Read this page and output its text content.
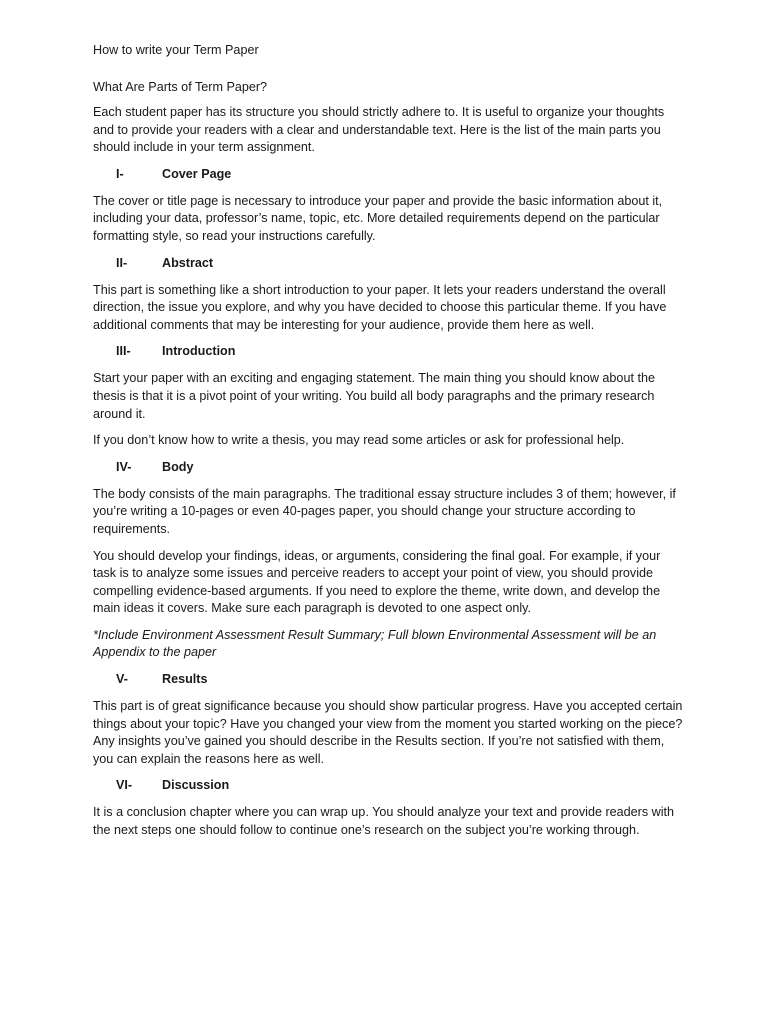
How to write your Term Paper
What Are Parts of Term Paper?

Each student paper has its structure you should strictly adhere to. It is useful to organize your thoughts and to provide your readers with a clear and understandable text. Here is the list of the main parts you should include in your term assignment.

I-	Cover Page

The cover or title page is necessary to introduce your paper and provide the basic information about it, including your data, professor’s name, topic, etc. More detailed requirements depend on the particular formatting style, so read your instructions carefully.

II-	Abstract

This part is something like a short introduction to your paper. It lets your readers understand the overall direction, the issue you explore, and why you have decided to choose this particular theme. If you have additional comments that may be interesting for your audience, provide them here as well.

III-	Introduction

Start your paper with an exciting and engaging statement. The main thing you should know about the thesis is that it is a pivot point of your writing. You build all body paragraphs and the primary research around it.

If you don’t know how to write a thesis, you may read some articles or ask for professional help.

IV-	Body

The body consists of the main paragraphs. The traditional essay structure includes 3 of them; however, if you’re writing a 10-pages or even 40-pages paper, you should change your structure according to requirements.

You should develop your findings, ideas, or arguments, considering the final goal. For example, if your task is to analyze some issues and perceive readers to accept your point of view, you should provide compelling evidence-based arguments. If you need to explore the theme, write down, and develop the main ideas it covers. Make sure each paragraph is devoted to one aspect only.

*Include Environment Assessment Result Summary; Full blown Environmental Assessment will be an Appendix to the paper

V-	Results

This part is of great significance because you should show particular progress. Have you accepted certain things about your topic? Have you changed your view from the moment you started working on the piece? Any insights you’ve gained you should describe in the Results section. If you’re not satisfied with them, you can explain the reasons here as well.

VI-	Discussion

It is a conclusion chapter where you can wrap up. You should analyze your text and provide readers with the next steps one should follow to continue one’s research on the subject you’re working through.
